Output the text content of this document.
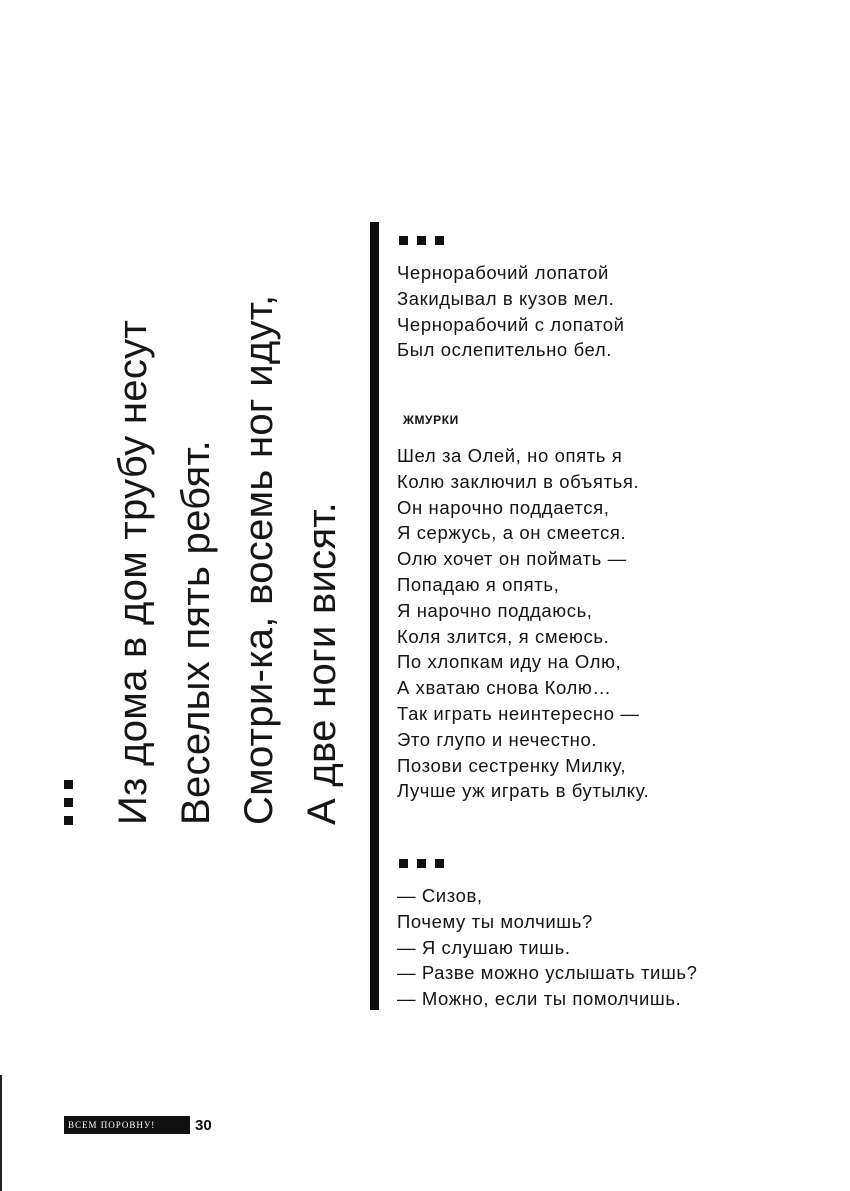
Из дома в дом трубу несут Веселых пять ребят. Смотри-ка, восемь ног идут, А две ноги висят.
Чернорабочий лопатой
Закидывал в кузов мел.
Чернорабочий с лопатой
Был ослепительно бел.
ЖМУРКИ
Шел за Олей, но опять я
Колю заключил в объятья.
Он нарочно поддается,
Я сержусь, а он смеется.
Олю хочет он поймать —
Попадаю я опять,
Я нарочно поддаюсь,
Коля злится, я смеюсь.
По хлопкам иду на Олю,
А хватаю снова Колю…
Так играть неинтересно —
Это глупо и нечестно.
Позови сестренку Милку,
Лучше уж играть в бутылку.
— Сизов,
Почему ты молчишь?
— Я слушаю тишь.
— Разве можно услышать тишь?
— Можно, если ты помолчишь.
ВСЕМ ПОРОВНУ!	30
